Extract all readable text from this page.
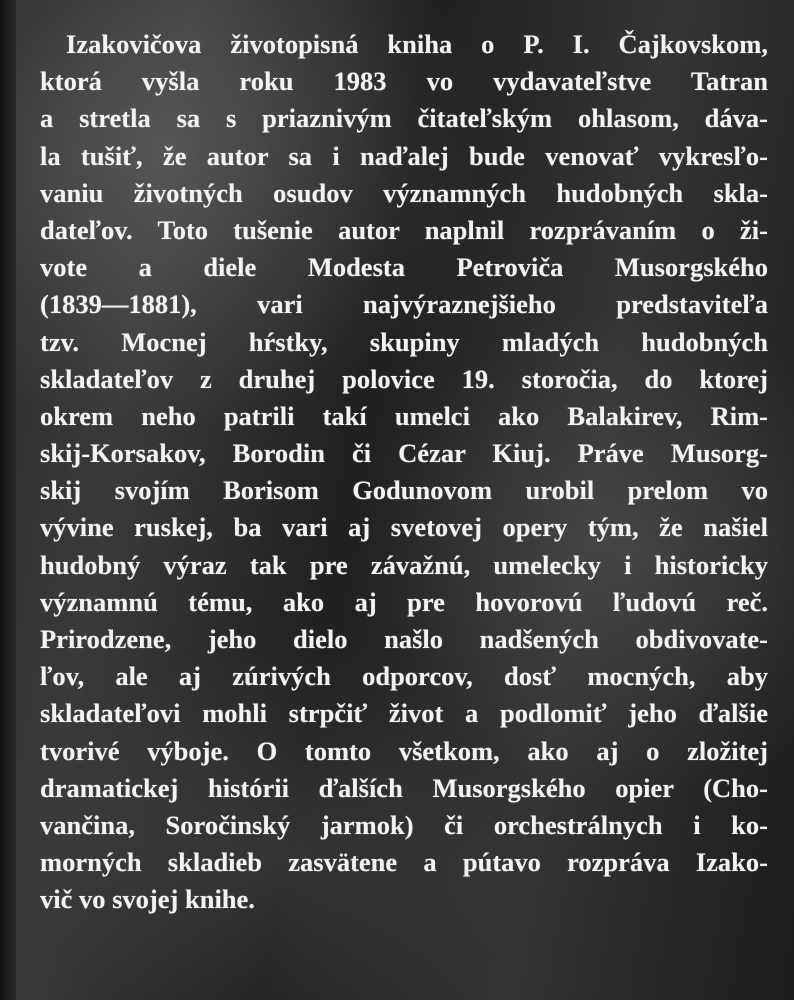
Izakovičova životopisná kniha o P. I. Čajkovskom,
ktorá vyšla roku 1983 vo vydavateľstve Tatran
a stretla sa s priaznivým čitateľským ohlasom, dáva-
la tušiť, že autor sa i naďalej bude venovať vykresľo-
vaniu životných osudov významných hudobných skla-
dateľov. Toto tušenie autor naplnil rozprávaním o ži-
vote a diele Modesta Petroviča Musorgského
(1839—1881), vari najvýraznejšieho predstaviteľa
tzv. Mocnej hŕstky, skupiny mladých hudobných
skladateľov z druhej polovice 19. storočia, do ktorej
okrem neho patrili takí umelci ako Balakirev, Rim-
skij-Korsakov, Borodin či Cézar Kiuj. Práve Musorg-
skij svojím Borisom Godunovom urobil prelom vo
vývine ruskej, ba vari aj svetovej opery tým, že našiel
hudobný výraz tak pre závažnú, umelecky i historicky
významnú tému, ako aj pre hovorovú ľudovú reč.
Prirodzene, jeho dielo našlo nadšených obdivovate-
ľov, ale aj zúrivých odporcov, dosť mocných, aby
skladateľovi mohli strpčiť život a podlomiť jeho ďalšie
tvorivé výboje. O tomto všetkom, ako aj o zložitej
dramatickej histórii ďalších Musorgského opier (Cho-
vančina, Soročinský jarmok) či orchestrálnych i ko-
morných skladieb zasvätene a pútavo rozpráva Izako-
vič vo svojej knihe.
